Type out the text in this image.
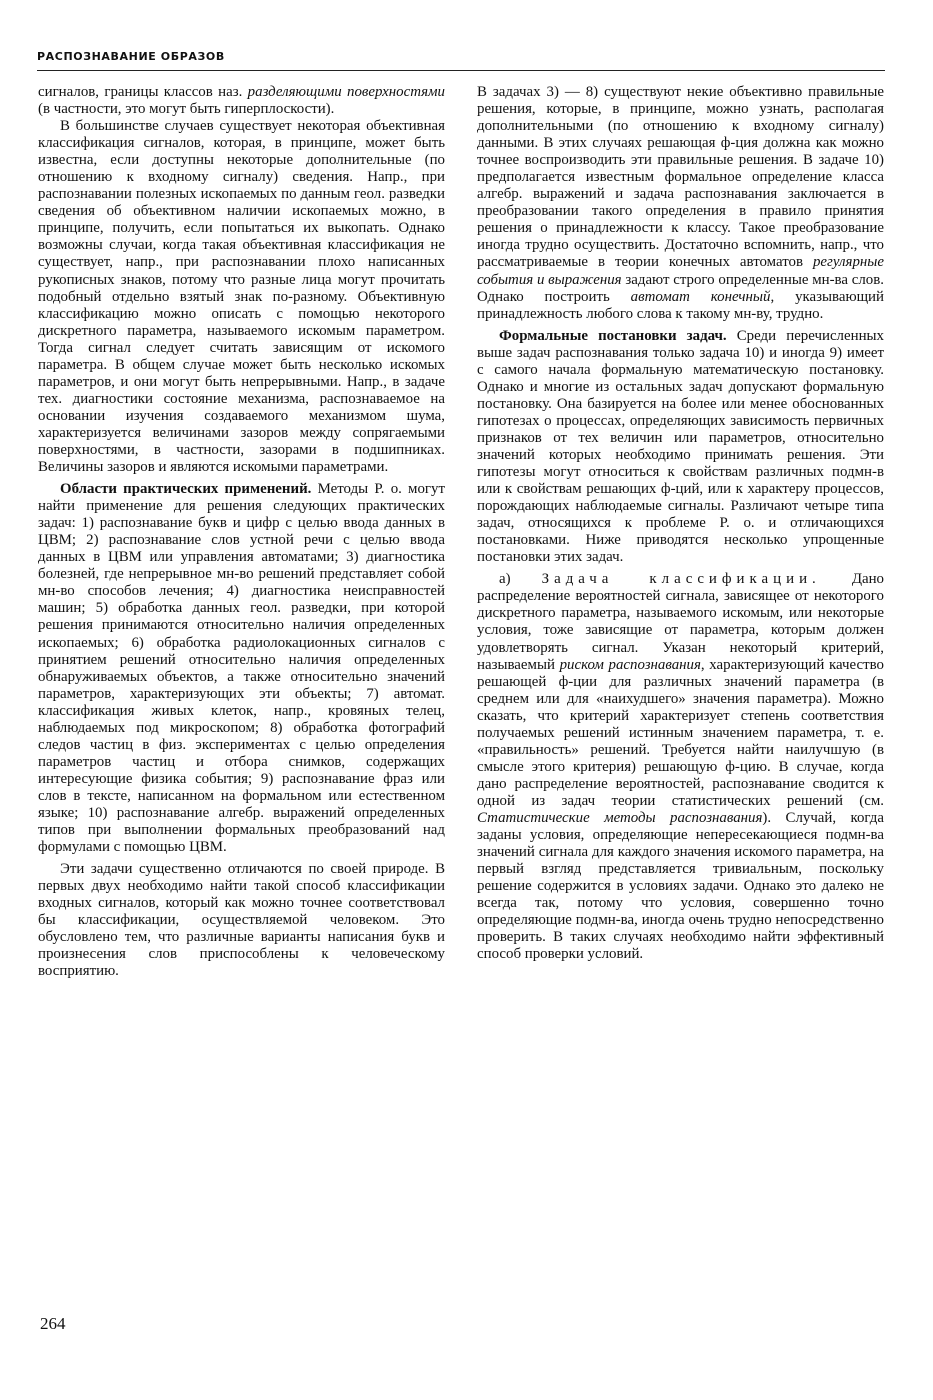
РАСПОЗНАВАНИЕ ОБРАЗОВ

сигналов, границы классов наз. разделяющими поверхностями (в частности, это могут быть гиперплоскости).

В большинстве случаев существует некоторая объективная классификация сигналов, которая, в принципе, может быть известна, если доступны некоторые дополнительные (по отношению к входному сигналу) сведения. Напр., при распознавании полезных ископаемых по данным геол. разведки сведения об объективном наличии ископаемых можно, в принципе, получить, если попытаться их выкопать. Однако возможны случаи, когда такая объективная классификация не существует, напр., при распознавании плохо написанных рукописных знаков, потому что разные лица могут прочитать подобный отдельно взятый знак по-разному. Объективную классификацию можно описать с помощью некоторого дискретного параметра, называемого искомым параметром. Тогда сигнал следует считать зависящим от искомого параметра. В общем случае может быть несколько искомых параметров, и они могут быть непрерывными. Напр., в задаче тех. диагностики состояние механизма, распознаваемое на основании изучения создаваемого механизмом шума, характеризуется величинами зазоров между сопрягаемыми поверхностями, в частности, зазорами в подшипниках. Величины зазоров и являются искомыми параметрами.

Области практических применений. Методы Р. о. могут найти применение для решения следующих практических задач: 1) распознавание букв и цифр с целью ввода данных в ЦВМ; 2) распознавание слов устной речи с целью ввода данных в ЦВМ или управления автоматами; 3) диагностика болезней, где непрерывное мн-во решений представляет собой мн-во способов лечения; 4) диагностика неисправностей машин; 5) обработка данных геол. разведки, при которой решения принимаются относительно наличия определенных ископаемых; 6) обработка радиолокационных сигналов с принятием решений относительно наличия определенных обнаруживаемых объектов, а также относительно значений параметров, характеризующих эти объекты; 7) автомат. классификация живых клеток, напр., кровяных телец, наблюдаемых под микроскопом; 8) обработка фотографий следов частиц в физ. экспериментах с целью определения параметров частиц и отбора снимков, содержащих интересующие физика события; 9) распознавание фраз или слов в тексте, написанном на формальном или естественном языке; 10) распознавание алгебр. выражений определенных типов при выполнении формальных преобразований над формулами с помощью ЦВМ.

Эти задачи существенно отличаются по своей природе. В первых двух необходимо найти такой способ классификации входных сигналов, который как можно точнее соответствовал бы классификации, осуществляемой человеком. Это обусловлено тем, что различные варианты написания букв и произнесения слов приспособлены к человеческому восприятию.

В задачах 3) — 8) существуют некие объективно правильные решения, которые, в принципе, можно узнать, располагая дополнительными (по отношению к входному сигналу) данными. В этих случаях решающая ф-ция должна как можно точнее воспроизводить эти правильные решения. В задаче 10) предполагается известным формальное определение класса алгебр. выражений и задача распознавания заключается в преобразовании такого определения в правило принятия решения о принадлежности к классу. Такое преобразование иногда трудно осуществить. Достаточно вспомнить, напр., что рассматриваемые в теории конечных автоматов регулярные события и выражения задают строго определенные мн-ва слов. Однако построить автомат конечный, указывающий принадлежность любого слова к такому мн-ву, трудно.

Формальные постановки задач. Среди перечисленных выше задач распознавания только задача 10) и иногда 9) имеет с самого начала формальную математическую постановку. Однако и многие из остальных задач допускают формальную постановку. Она базируется на более или менее обоснованных гипотезах о процессах, определяющих зависимость первичных признаков от тех величин или параметров, относительно значений которых необходимо принимать решения. Эти гипотезы могут относиться к свойствам различных подмн-в или к свойствам решающих ф-ций, или к характеру процессов, порождающих наблюдаемые сигналы. Различают четыре типа задач, относящихся к проблеме Р. о. и отличающихся постановками. Ниже приводятся несколько упрощенные постановки этих задач.

а) Задача классификации. Дано распределение вероятностей сигнала, зависящее от некоторого дискретного параметра, называемого искомым, или некоторые условия, тоже зависящие от параметра, которым должен удовлетворять сигнал. Указан некоторый критерий, называемый риском распознавания, характеризующий качество решающей ф-ции для различных значений параметра (в среднем или для «наихудшего» значения параметра). Можно сказать, что критерий характеризует степень соответствия получаемых решений истинным значением параметра, т. е. «правильность» решений. Требуется найти наилучшую (в смысле этого критерия) решающую ф-цию. В случае, когда дано распределение вероятностей, распознавание сводится к одной из задач теории статистических решений (см. Статистические методы распознавания). Случай, когда заданы условия, определяющие непересекающиеся подмн-ва значений сигнала для каждого значения искомого параметра, на первый взгляд представляется тривиальным, поскольку решение содержится в условиях задачи. Однако это далеко не всегда так, потому что условия, совершенно точно определяющие подмн-ва, иногда очень трудно непосредственно проверить. В таких случаях необходимо найти эффективный способ проверки условий.

264
